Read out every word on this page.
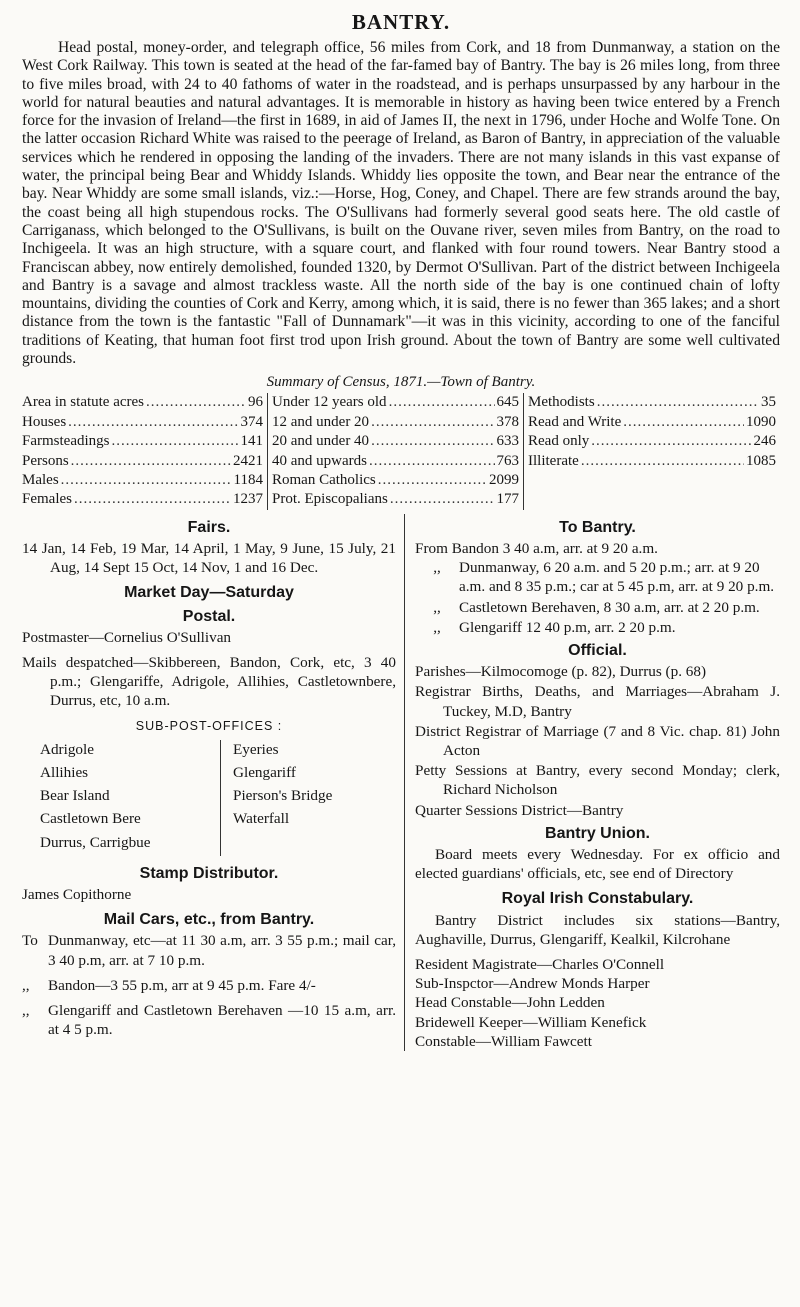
BANTRY.

Head postal, money-order, and telegraph office, 56 miles from Cork, and 18 from Dunmanway, a station on the West Cork Railway. This town is seated at the head of the far-famed bay of Bantry. The bay is 26 miles long, from three to five miles broad, with 24 to 40 fathoms of water in the roadstead, and is perhaps unsurpassed by any harbour in the world for natural beauties and natural advantages. It is memorable in history as having been twice entered by a French force for the invasion of Ireland—the first in 1689, in aid of James II, the next in 1796, under Hoche and Wolfe Tone. On the latter occasion Richard White was raised to the peerage of Ireland, as Baron of Bantry, in appreciation of the valuable services which he rendered in opposing the landing of the invaders. There are not many islands in this vast expanse of water, the principal being Bear and Whiddy Islands. Whiddy lies opposite the town, and Bear near the entrance of the bay. Near Whiddy are some small islands, viz.:—Horse, Hog, Coney, and Chapel. There are few strands around the bay, the coast being all high stupendous rocks. The O'Sullivans had formerly several good seats here. The old castle of Carriganass, which belonged to the O'Sullivans, is built on the Ouvane river, seven miles from Bantry, on the road to Inchigeela. It was an high structure, with a square court, and flanked with four round towers. Near Bantry stood a Franciscan abbey, now entirely demolished, founded 1320, by Dermot O'Sullivan. Part of the district between Inchigeela and Bantry is a savage and almost trackless waste. All the north side of the bay is one continued chain of lofty mountains, dividing the counties of Cork and Kerry, among which, it is said, there is no fewer than 365 lakes; and a short distance from the town is the fantastic "Fall of Dunnamark"—it was in this vicinity, according to one of the fanciful traditions of Keating, that human foot first trod upon Irish ground. About the town of Bantry are some well cultivated grounds.

Summary of Census, 1871.—Town of Bantry.
Area in statute acres .....	96
Houses .....	374
Farmsteadings .....	141
Persons .....	2421
Males .....	1184
Females .....	1237
Under 12 years old .....	645
12 and under 20 .....	378
20 and under 40 .....	633
40 and upwards .....	763
Roman Catholics .....	2099
Prot. Episcopalians .....	177
Methodists .....	35
Read and Write .....	1090
Read only .....	246
Illiterate .....	1085
Fairs.

14 Jan, 14 Feb, 19 Mar, 14 April, 1 May, 9 June, 15 July, 21 Aug, 14 Sept 15 Oct, 14 Nov, 1 and 16 Dec.

Market Day—Saturday
Postal.

Postmaster—Cornelius O'Sullivan

Mails despatched—Skibbereen, Bandon, Cork, etc, 3 40 p.m.; Glengariffe, Adrigole, Allihies, Castletownbere, Durrus, etc, 10 a.m.

SUB-POST-OFFICES :

Adrigole

Allihies

Bear Island

Castletown Bere

Durrus, Carrigbue

Eyeries

Glengariff

Pierson's Bridge

Waterfall

Stamp Distributor.

James Copithorne

Mail Cars, etc., from Bantry.
To Dunmanway, etc—at 11 30 a.m, arr. 3 55 p.m.; mail car, 3 40 p.m, arr. at 7 10 p.m.
,,	Bandon—3 55 p.m, arr at 9 45 p.m. Fare 4/-
,,	Glengariff and Castletown Berehaven —10 15 a.m, arr. at 4 5 p.m.
To Bantry.

From Bandon 3 40 a.m, arr. at 9 20 a.m.

,,	Dunmanway, 6 20 a.m. and 5 20 p.m.; arr. at 9 20 a.m. and 8 35 p.m.; car at 5 45 p.m, arr. at 9 20 p.m.
,,	Castletown Berehaven, 8 30 a.m, arr. at 2 20 p.m.
,,	Glengariff 12 40 p.m, arr. 2 20 p.m.
Official.

Parishes—Kilmocomoge (p. 82), Durrus (p. 68)

Registrar Births, Deaths, and Marriages—Abraham J. Tuckey, M.D, Bantry

District Registrar of Marriage (7 and 8 Vic. chap. 81) John Acton

Petty Sessions at Bantry, every second Monday; clerk, Richard Nicholson

Quarter Sessions District—Bantry

Bantry Union.

Board meets every Wednesday. For ex officio and elected guardians' officials, etc, see end of Directory

Royal Irish Constabulary.

Bantry District includes six stations—Bantry, Aughaville, Durrus, Glengariff, Kealkil, Kilcrohane

Resident Magistrate—Charles O'Connell

Sub-Inspctor—Andrew Monds Harper

Head Constable—John Ledden

Bridewell Keeper—William Kenefick

Constable—William Fawcett
